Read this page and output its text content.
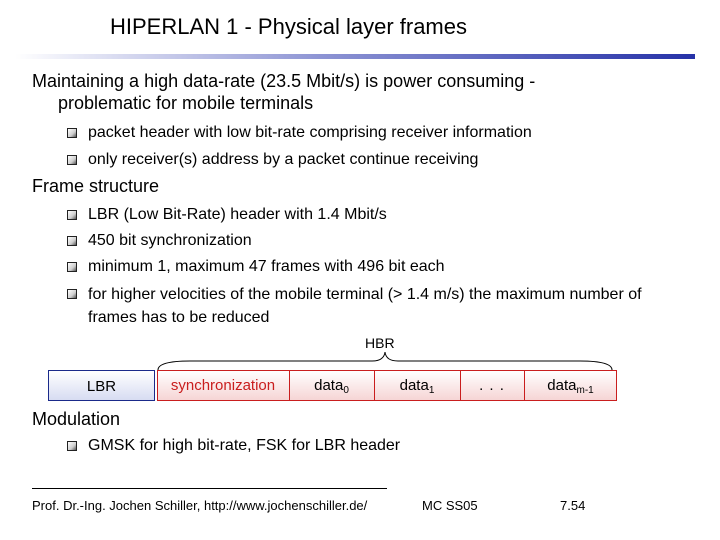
HIPERLAN 1 - Physical layer frames
Maintaining a high data-rate (23.5 Mbit/s) is power consuming -
problematic for mobile terminals
packet header with low bit-rate comprising receiver information
only receiver(s) address by a packet continue receiving
Frame structure
LBR (Low Bit-Rate) header with 1.4 Mbit/s
450 bit synchronization
minimum 1, maximum 47 frames with 496 bit each
for higher velocities of the mobile terminal (> 1.4 m/s) the maximum number of frames has to be reduced
HBR
LBR	synchronization	data$_0$	data$_1$	. . .	data$_{m-1}$
Modulation
GMSK for high bit-rate, FSK for LBR header
Prof. Dr.-Ing. Jochen Schiller, http://www.jochenschiller.de/	MC SS05	7.54
